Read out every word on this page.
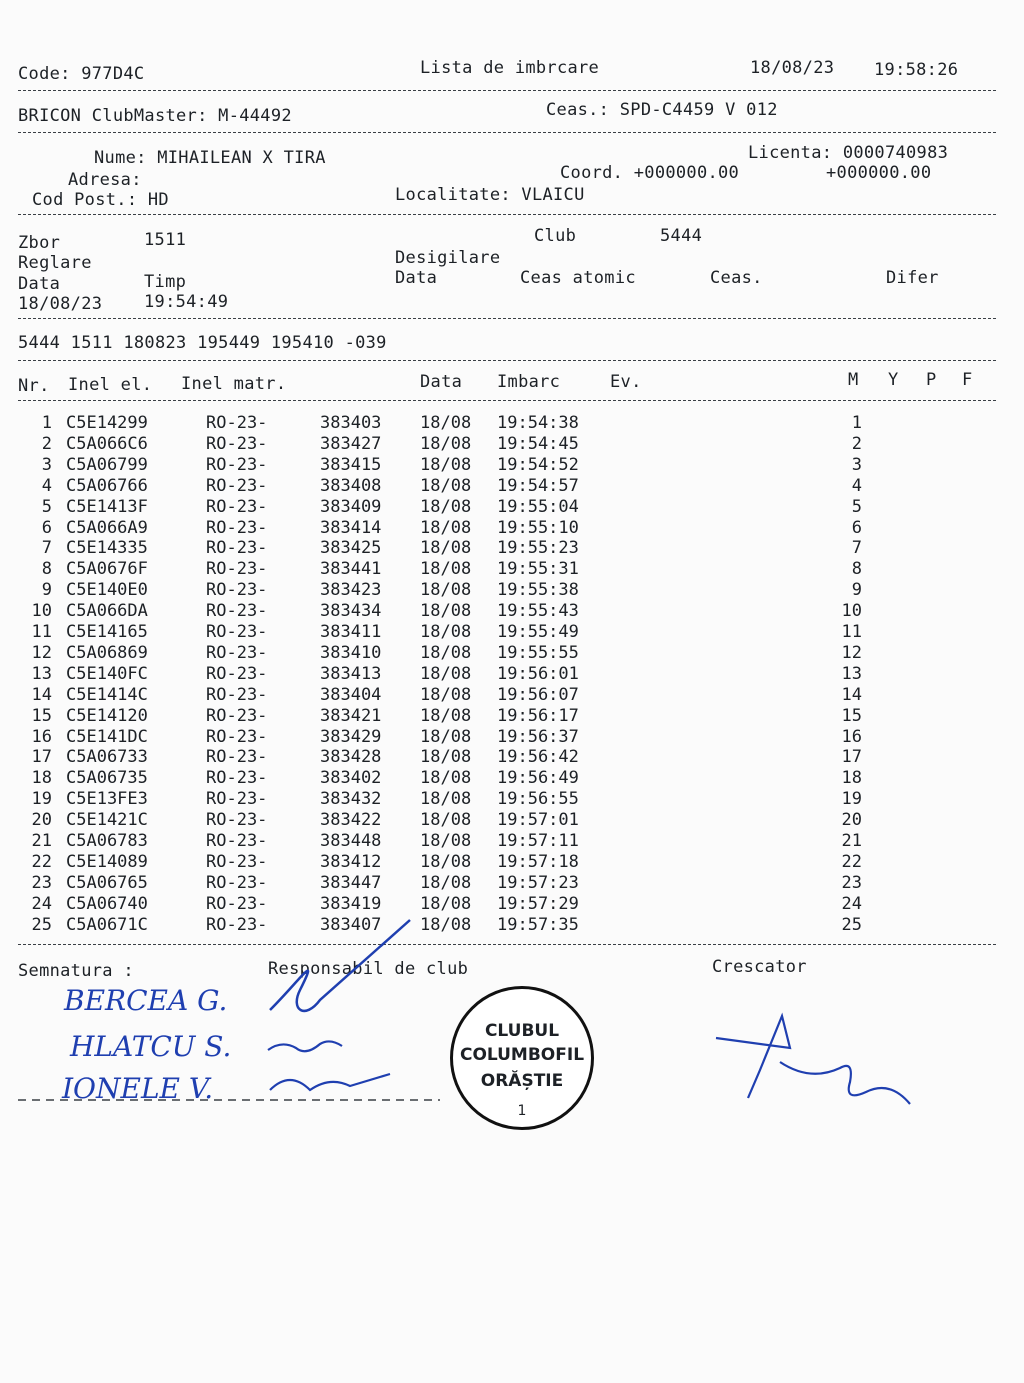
Code: 977D4C	Lista de imbrcare	18/08/23 19:58:26
BRICON ClubMaster: M-44492	Ceas.: SPD-C4459 V 012
Nume: MIHAILEAN X TIRA	Licenta: 0000740983
Adresa:	Coord. +000000.00	+000000.00
Cod Post.: HD	Localitate: VLAICU
Zbor	1511	Club	5444
Reglare	Desigilare
Data	Timp	Data	Ceas atomic	Ceas.	Difer
18/08/23 19:54:49
5444 1511 180823 195449 195410 -039
Nr. Inel el. Inel matr.	Data Imbarc	Ev.	M Y P F
1 C5E14299	RO-23-	383403 18/08 19:54:38	1
2 C5A066C6	RO-23-	383427 18/08 19:54:45	2
3 C5A06799	RO-23-	383415 18/08 19:54:52	3
4 C5A06766	RO-23-	383408 18/08 19:54:57	4
5 C5E1413F	RO-23-	383409 18/08 19:55:04	5
6 C5A066A9	RO-23-	383414 18/08 19:55:10	6
7 C5E14335	RO-23-	383425 18/08 19:55:23	7
8 C5A0676F	RO-23-	383441 18/08 19:55:31	8
9 C5E140E0	RO-23-	383423 18/08 19:55:38	9
10 C5A066DA	RO-23-	383434 18/08 19:55:43	10
11 C5E14165	RO-23-	383411 18/08 19:55:49	11
12 C5A06869	RO-23-	383410 18/08 19:55:55	12
13 C5E140FC	RO-23-	383413 18/08 19:56:01	13
14 C5E1414C	RO-23-	383404 18/08 19:56:07	14
15 C5E14120	RO-23-	383421 18/08 19:56:17	15
16 C5E141DC	RO-23-	383429 18/08 19:56:37	16
17 C5A06733	RO-23-	383428 18/08 19:56:42	17
18 C5A06735	RO-23-	383402 18/08 19:56:49	18
19 C5E13FE3	RO-23-	383432 18/08 19:56:55	19
20 C5E1421C	RO-23-	383422 18/08 19:57:01	20
21 C5A06783	RO-23-	383448 18/08 19:57:11	21
22 C5E14089	RO-23-	383412 18/08 19:57:18	22
23 C5A06765	RO-23-	383447 18/08 19:57:23	23
24 C5A06740	RO-23-	383419 18/08 19:57:29	24
25 C5A0671C	RO-23-	383407 18/08 19:57:35	25
Semnatura :	Responsabil de club	Crescator
BERCEA G.
HLATCU S.
IONELE V.
CLUBUL
COLUMBOFIL
ORĂȘTIE
1
